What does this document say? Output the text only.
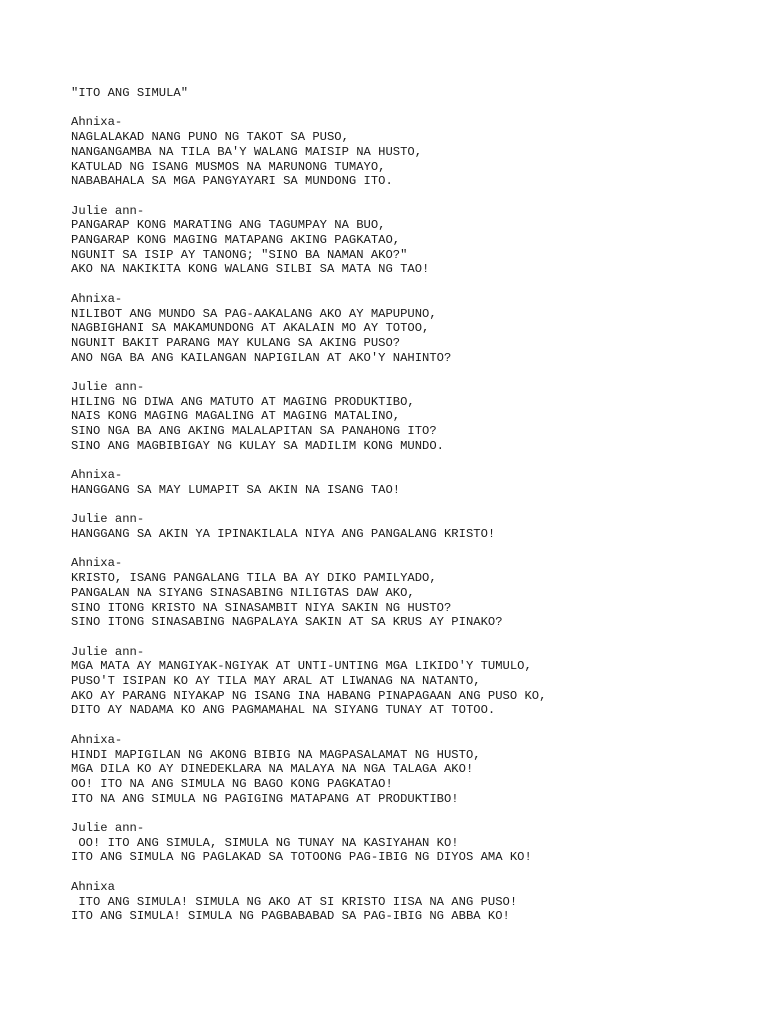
"ITO ANG SIMULA"
Ahnixa-
NAGLALAKAD NANG PUNO NG TAKOT SA PUSO,
NANGANGAMBA NA TILA BA'Y WALANG MAISIP NA HUSTO,
KATULAD NG ISANG MUSMOS NA MARUNONG TUMAYO,
NABABAHALA SA MGA PANGYAYARI SA MUNDONG ITO.
Julie ann-
PANGARAP KONG MARATING ANG TAGUMPAY NA BUO,
PANGARAP KONG MAGING MATAPANG AKING PAGKATAO,
NGUNIT SA ISIP AY TANONG; "SINO BA NAMAN AKO?"
AKO NA NAKIKITA KONG WALANG SILBI SA MATA NG TAO!
Ahnixa-
NILIBOT ANG MUNDO SA PAG-AAKALANG AKO AY MAPUPUNO,
NAGBIGHANI SA MAKAMUNDONG AT AKALAIN MO AY TOTOO,
NGUNIT BAKIT PARANG MAY KULANG SA AKING PUSO?
ANO NGA BA ANG KAILANGAN NAPIGILAN AT AKO'Y NAHINTO?
Julie ann-
HILING NG DIWA ANG MATUTO AT MAGING PRODUKTIBO,
NAIS KONG MAGING MAGALING AT MAGING MATALINO,
SINO NGA BA ANG AKING MALALAPITAN SA PANAHONG ITO?
SINO ANG MAGBIBIGAY NG KULAY SA MADILIM KONG MUNDO.
Ahnixa-
HANGGANG SA MAY LUMAPIT SA AKIN NA ISANG TAO!
Julie ann-
HANGGANG SA AKIN YA IPINAKILALA NIYA ANG PANGALANG KRISTO!
Ahnixa-
KRISTO, ISANG PANGALANG TILA BA AY DIKO PAMILYADO,
PANGALAN NA SIYANG SINASABING NILIGTAS DAW AKO,
SINO ITONG KRISTO NA SINASAMBIT NIYA SAKIN NG HUSTO?
SINO ITONG SINASABING NAGPALAYA SAKIN AT SA KRUS AY PINAKO?
Julie ann-
MGA MATA AY MANGIYAK-NGIYAK AT UNTI-UNTING MGA LIKIDO'Y TUMULO,
PUSO'T ISIPAN KO AY TILA MAY ARAL AT LIWANAG NA NATANTO,
AKO AY PARANG NIYAKAP NG ISANG INA HABANG PINAPAGAAN ANG PUSO KO,
DITO AY NADAMA KO ANG PAGMAMAHAL NA SIYANG TUNAY AT TOTOO.
Ahnixa-
HINDI MAPIGILAN NG AKONG BIBIG NA MAGPASALAMAT NG HUSTO,
MGA DILA KO AY DINEDEKLARA NA MALAYA NA NGA TALAGA AKO!
OO! ITO NA ANG SIMULA NG BAGO KONG PAGKATAO!
ITO NA ANG SIMULA NG PAGIGING MATAPANG AT PRODUKTIBO!
Julie ann-
OO! ITO ANG SIMULA, SIMULA NG TUNAY NA KASIYAHAN KO!
ITO ANG SIMULA NG PAGLAKAD SA TOTOONG PAG-IBIG NG DIYOS AMA KO!
Ahnixa
ITO ANG SIMULA! SIMULA NG AKO AT SI KRISTO IISA NA ANG PUSO!
ITO ANG SIMULA! SIMULA NG PAGBABABAD SA PAG-IBIG NG ABBA KO!
